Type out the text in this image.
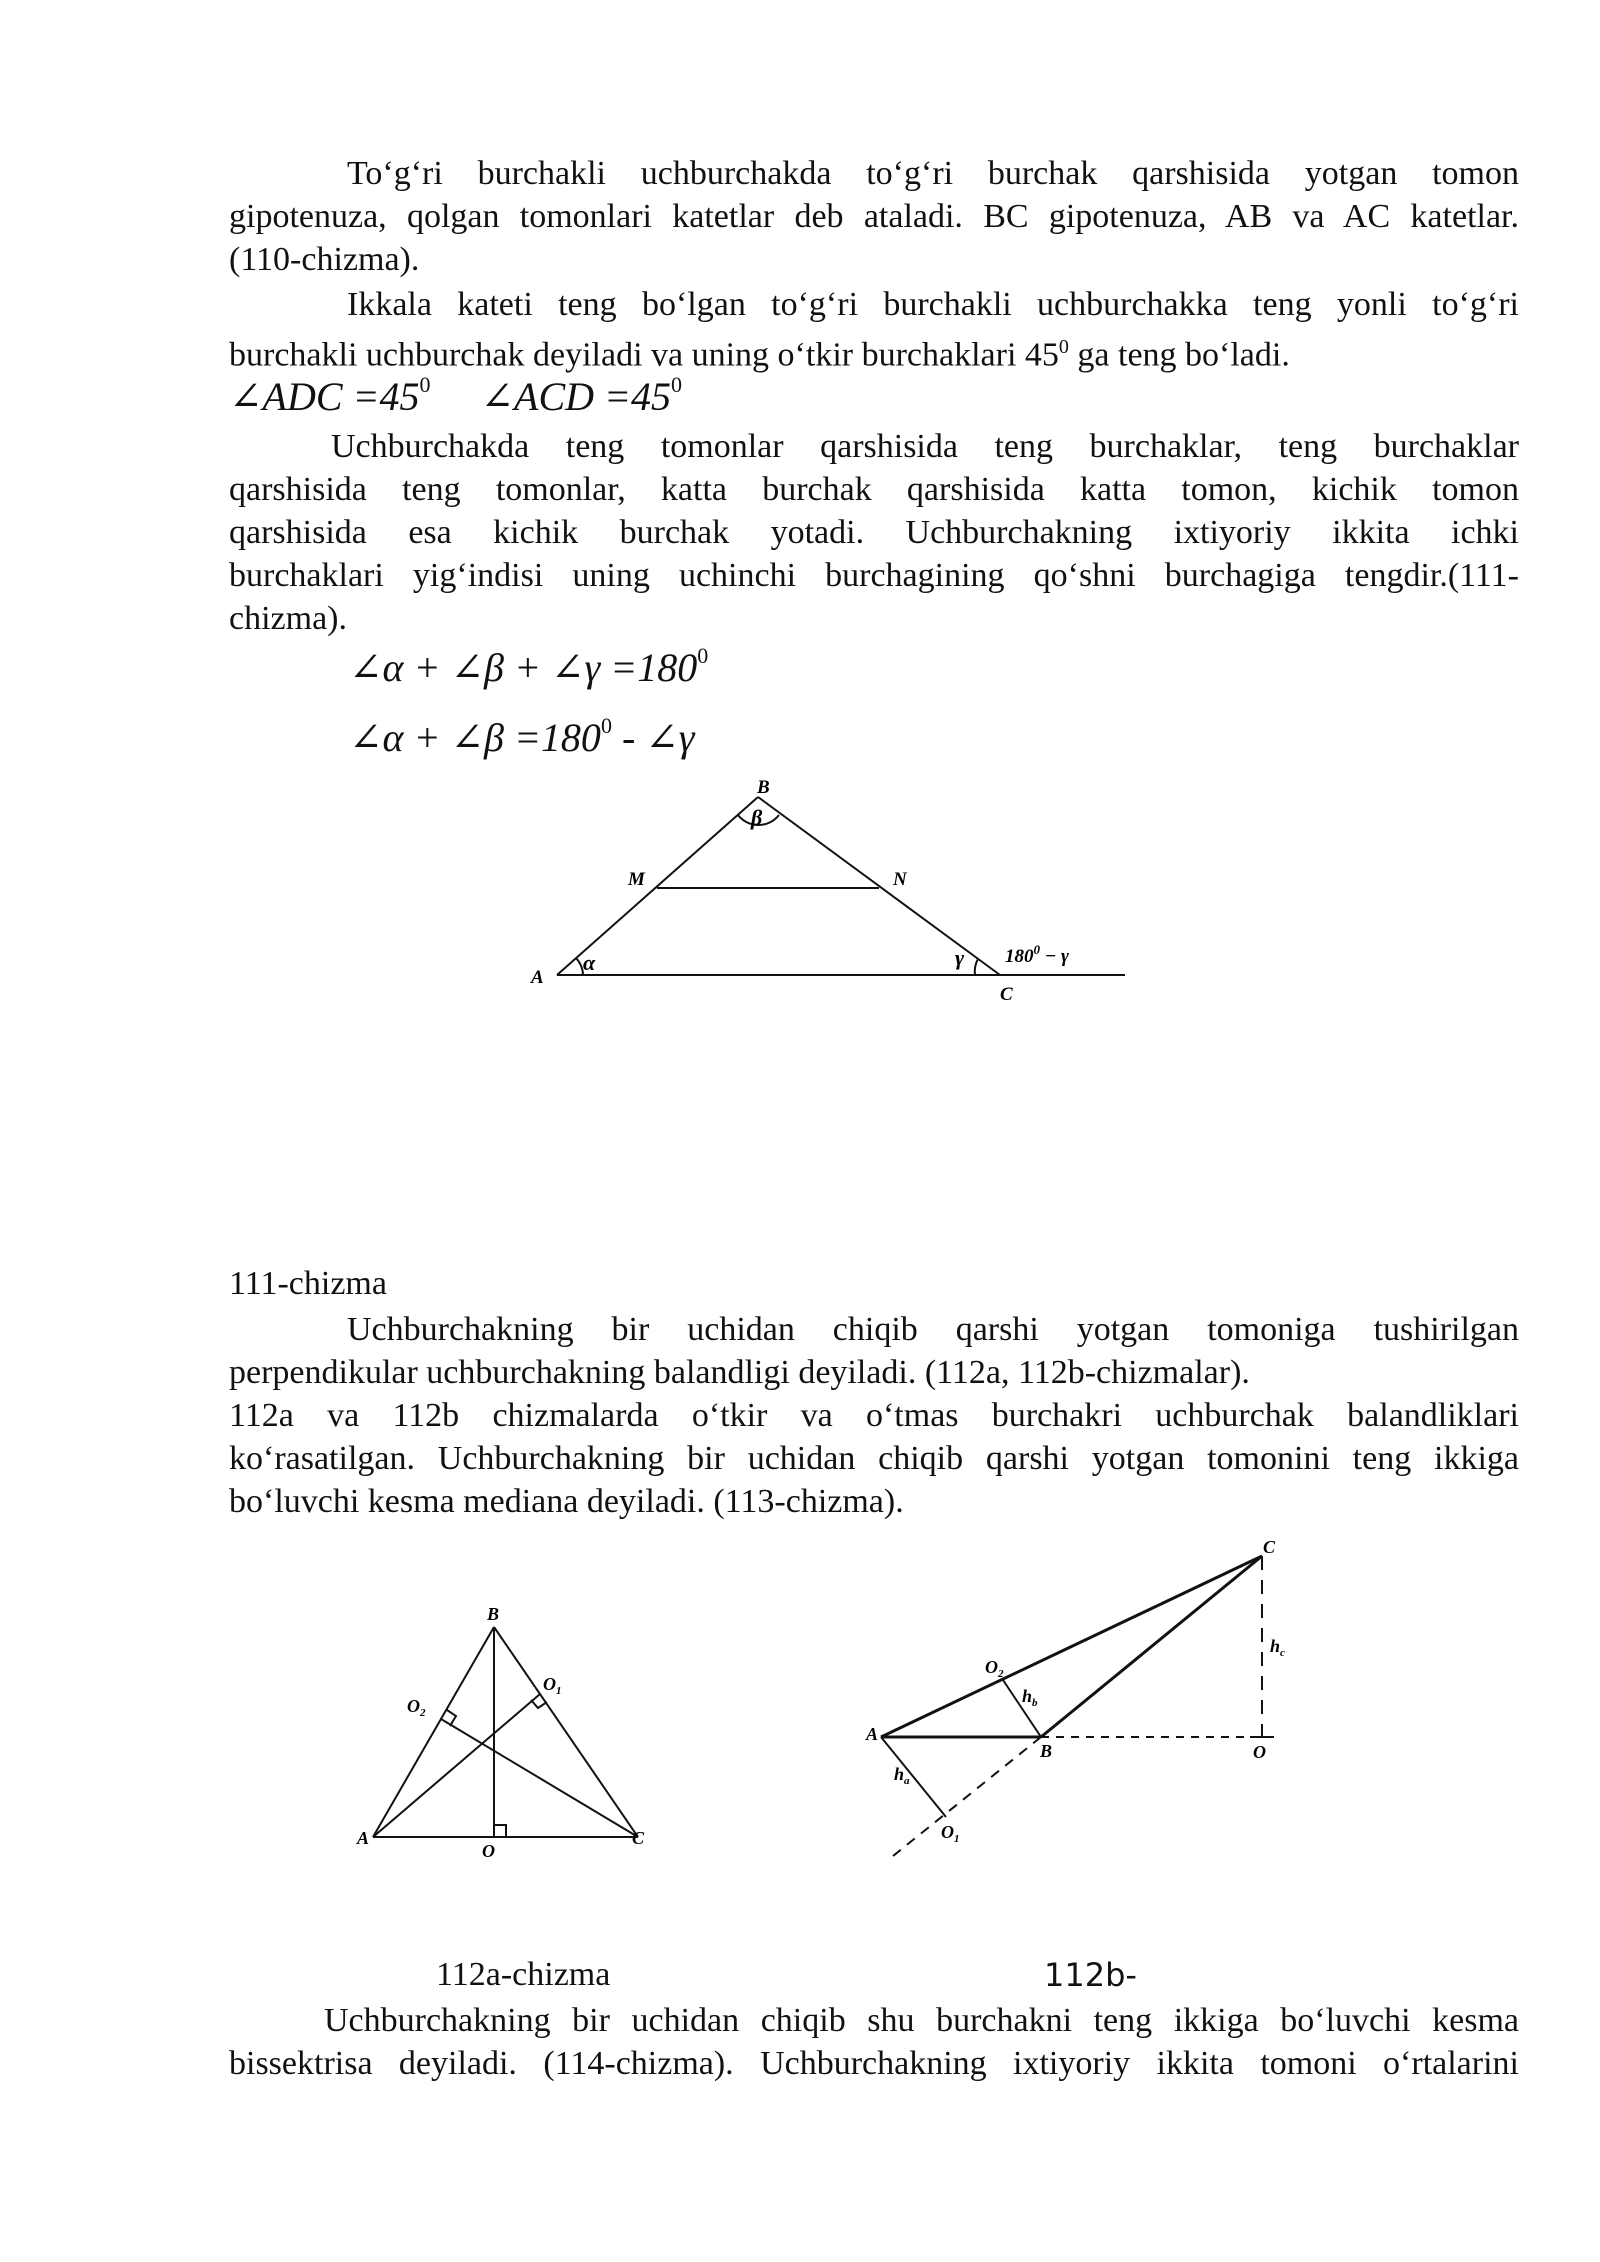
To‘g‘ri burchakli uchburchakda to‘g‘ri burchak qarshisida yotgan tomon
gipotenuza, qolgan tomonlari katetlar deb ataladi. BC gipotenuza, AB va AC katetlar.
(110-chizma).
Ikkala kateti teng bo‘lgan to‘g‘ri burchakli uchburchakka teng yonli to‘g‘ri
burchakli uchburchak deyiladi va uning o‘tkir burchaklari $45^0$ ga teng bo‘ladi.
∠ADC $=45^0$ ∠ACD $=45^0$
Uchburchakda teng tomonlar qarshisida teng burchaklar, teng burchaklar
qarshisida teng tomonlar, katta burchak qarshisida katta tomon, kichik tomon
qarshisida esa kichik burchak yotadi. Uchburchakning ixtiyoriy ikkita ichki
burchaklari yig‘indisi uning uchinchi burchagining qo‘shni burchagiga tengdir.(111-
chizma).
∠α + ∠β + ∠γ $=180^0$
∠α + ∠β $=180^0$ - ∠γ
B
β
M	N
A
α	γ $180^0 - \gamma$
C
111-chizma
Uchburchakning bir uchidan chiqib qarshi yotgan tomoniga tushirilgan
perpendikular uchburchakning balandligi deyiladi. (112a, 112b-chizmalar).
112a va 112b chizmalarda o‘tkir va o‘tmas burchakri uchburchak balandliklari
ko‘rasatilgan. Uchburchakning bir uchidan chiqib qarshi yotgan tomonini teng ikkiga
bo‘luvchi kesma mediana deyiladi. (113-chizma).
B
$O_2$
$O_1$
A
O
C
C
$O_2$
$h_b$
$h_c$
A
B	O
$h_a$
$O_1$
112a-chizma	112b-
Uchburchakning bir uchidan chiqib shu burchakni teng ikkiga bo‘luvchi kesma
bissektrisa deyiladi. (114-chizma). Uchburchakning ixtiyoriy ikkita tomoni o‘rtalarini
